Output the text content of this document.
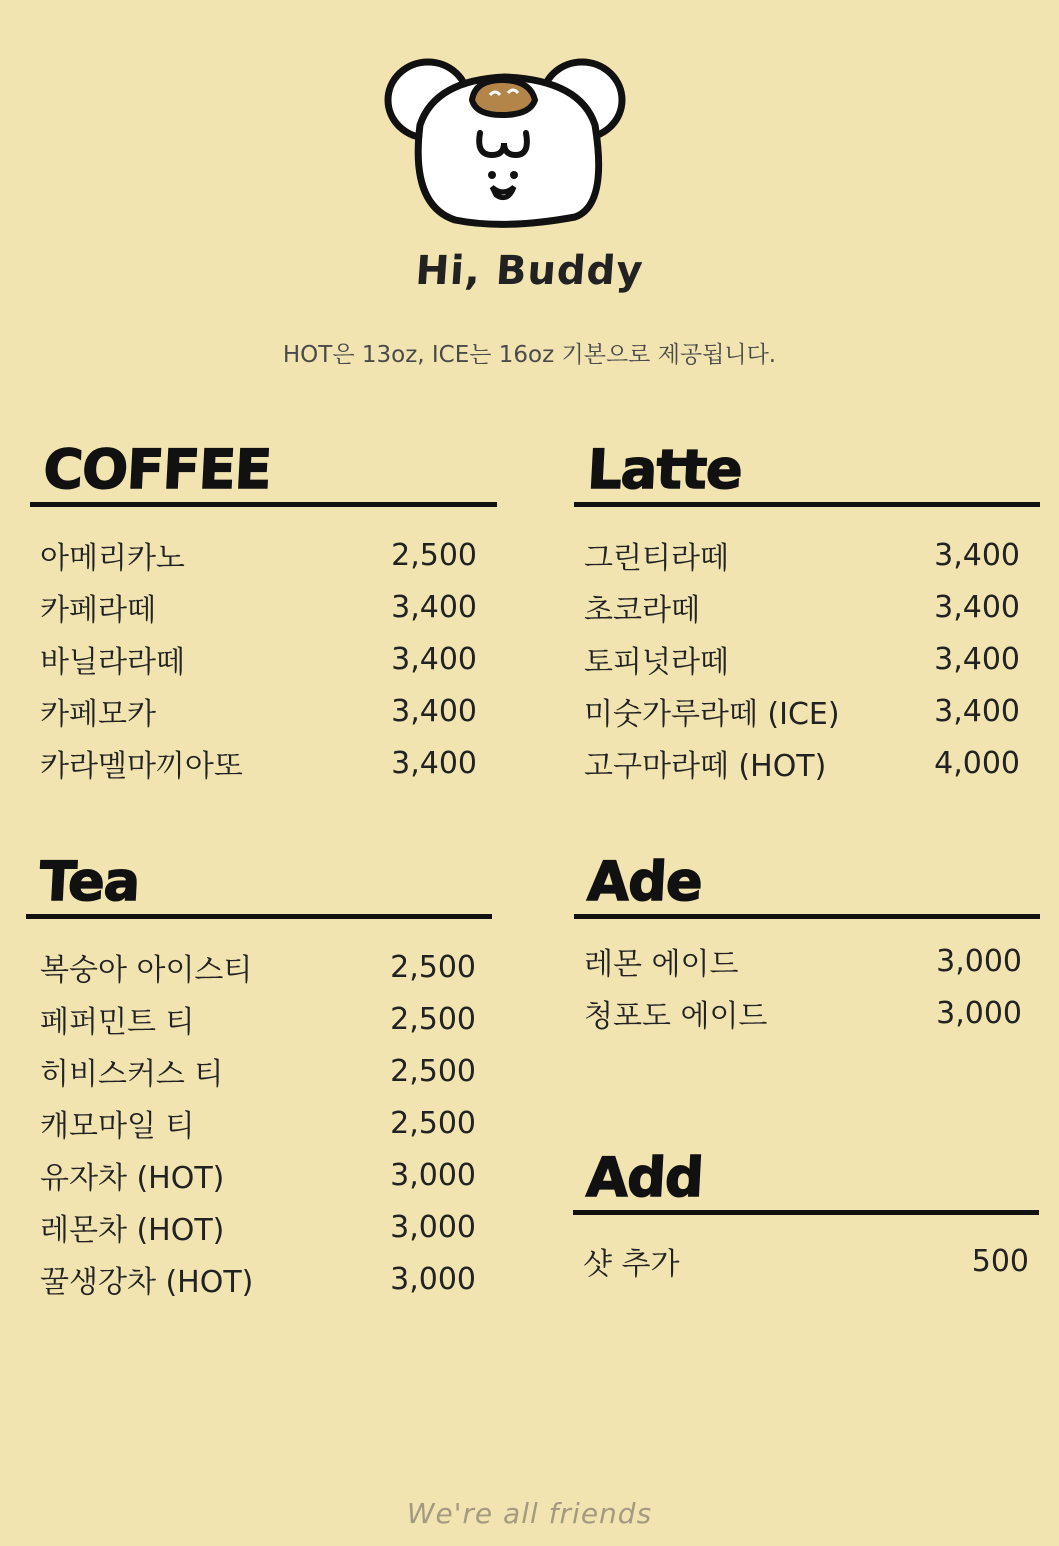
Hi, Buddy
HOT은 13oz, ICE는 16oz 기본으로 제공됩니다.
COFFEE
아메리카노	2,500
카페라떼	3,400
바닐라라떼	3,400
카페모카	3,400
카라멜마끼아또	3,400
Latte
그린티라떼	3,400
초코라떼	3,400
토피넛라떼	3,400
미숫가루라떼 (ICE)	3,400
고구마라떼 (HOT)	4,000
Tea
복숭아 아이스티	2,500
페퍼민트 티	2,500
히비스커스 티	2,500
캐모마일 티	2,500
유자차 (HOT)	3,000
레몬차 (HOT)	3,000
꿀생강차 (HOT)	3,000
Ade
레몬 에이드	3,000
청포도 에이드	3,000
Add
샷 추가	500
We're all friends
